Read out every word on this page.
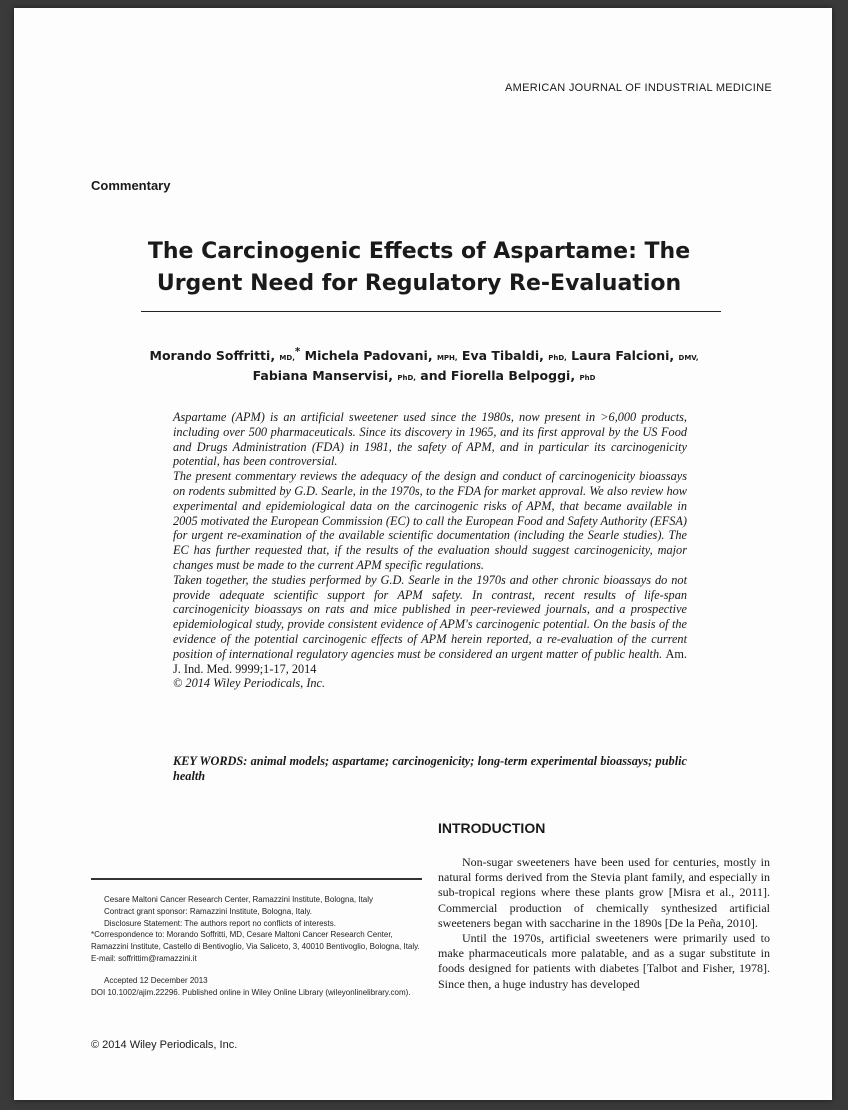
AMERICAN JOURNAL OF INDUSTRIAL MEDICINE
Commentary
The Carcinogenic Effects of Aspartame: The
Urgent Need for Regulatory Re-Evaluation
Morando Soffritti, MD,* Michela Padovani, MPH, Eva Tibaldi, PhD, Laura Falcioni, DMV,
Fabiana Manservisi, PhD, and Fiorella Belpoggi, PhD

Aspartame (APM) is an artificial sweetener used since the 1980s, now present in >6,000 products, including over 500 pharmaceuticals. Since its discovery in 1965, and its first approval by the US Food and Drugs Administration (FDA) in 1981, the safety of APM, and in particular its carcinogenicity potential, has been controversial.

The present commentary reviews the adequacy of the design and conduct of carcinogenicity bioassays on rodents submitted by G.D. Searle, in the 1970s, to the FDA for market approval. We also review how experimental and epidemiological data on the carcinogenic risks of APM, that became available in 2005 motivated the European Commission (EC) to call the European Food and Safety Authority (EFSA) for urgent re-examination of the available scientific documentation (including the Searle studies). The EC has further requested that, if the results of the evaluation should suggest carcinogenicity, major changes must be made to the current APM specific regulations.

Taken together, the studies performed by G.D. Searle in the 1970s and other chronic bioassays do not provide adequate scientific support for APM safety. In contrast, recent results of life-span carcinogenicity bioassays on rats and mice published in peer-reviewed journals, and a prospective epidemiological study, provide consistent evidence of APM's carcinogenic potential. On the basis of the evidence of the potential carcinogenic effects of APM herein reported, a re-evaluation of the current position of international regulatory agencies must be considered an urgent matter of public health. Am. J. Ind. Med. 9999;1-17, 2014

© 2014 Wiley Periodicals, Inc.

KEY WORDS: animal models; aspartame; carcinogenicity; long-term experimental bioassays; public health
INTRODUCTION

Non-sugar sweeteners have been used for centuries, mostly in natural forms derived from the Stevia plant family, and especially in sub-tropical regions where these plants grow [Misra et al., 2011]. Commercial production of chemically synthesized artificial sweeteners began with saccharine in the 1890s [De la Peña, 2010].

Until the 1970s, artificial sweeteners were primarily used to make pharmaceuticals more palatable, and as a sugar substitute in foods designed for patients with diabetes [Talbot and Fisher, 1978]. Since then, a huge industry has developed

Cesare Maltoni Cancer Research Center, Ramazzini Institute, Bologna, Italy
Contract grant sponsor: Ramazzini Institute, Bologna, Italy.
Disclosure Statement: The authors report no conflicts of interests.
*Correspondence to: Morando Soffritti, MD, Cesare Maltoni Cancer Research Center, Ramazzini Institute, Castello di Bentivoglio, Via Saliceto, 3, 40010 Bentivoglio, Bologna, Italy. E-mail: soffrittim@ramazzini.it
Accepted 12 December 2013
DOI 10.1002/ajim.22296. Published online in Wiley Online Library (wileyonlinelibrary.com).
© 2014 Wiley Periodicals, Inc.
